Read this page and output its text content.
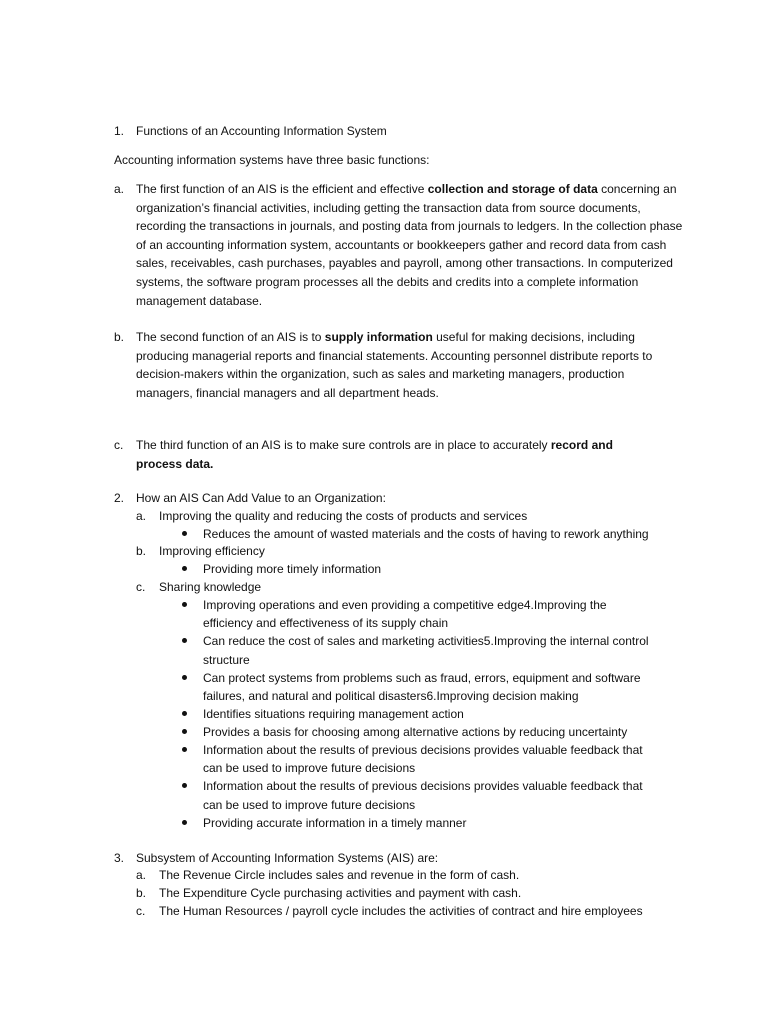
1. Functions of an Accounting Information System
Accounting information systems have three basic functions:
a. The first function of an AIS is the efficient and effective collection and storage of data concerning an organization’s financial activities, including getting the transaction data from source documents, recording the transactions in journals, and posting data from journals to ledgers. In the collection phase of an accounting information system, accountants or bookkeepers gather and record data from cash sales, receivables, cash purchases, payables and payroll, among other transactions. In computerized systems, the software program processes all the debits and credits into a complete information management database.
b. The second function of an AIS is to supply information useful for making decisions, including producing managerial reports and financial statements. Accounting personnel distribute reports to decision-makers within the organization, such as sales and marketing managers, production managers, financial managers and all department heads.
c. The third function of an AIS is to make sure controls are in place to accurately record and process data.
2. How an AIS Can Add Value to an Organization:
a. Improving the quality and reducing the costs of products and services
Reduces the amount of wasted materials and the costs of having to rework anything
b. Improving efficiency
Providing more timely information
c. Sharing knowledge
Improving operations and even providing a competitive edge4.Improving the
efficiency and effectiveness of its supply chain
Can reduce the cost of sales and marketing activities5.Improving the internal control
structure
Can protect systems from problems such as fraud, errors, equipment and software
failures, and natural and political disasters6.Improving decision making
Identifies situations requiring management action
Provides a basis for choosing among alternative actions by reducing uncertainty
Information about the results of previous decisions provides valuable feedback that
can be used to improve future decisions
Information about the results of previous decisions provides valuable feedback that
can be used to improve future decisions
Providing accurate information in a timely manner
3. Subsystem of Accounting Information Systems (AIS) are:
a. The Revenue Circle includes sales and revenue in the form of cash.
b. The Expenditure Cycle purchasing activities and payment with cash.
c. The Human Resources / payroll cycle includes the activities of contract and hire employees
